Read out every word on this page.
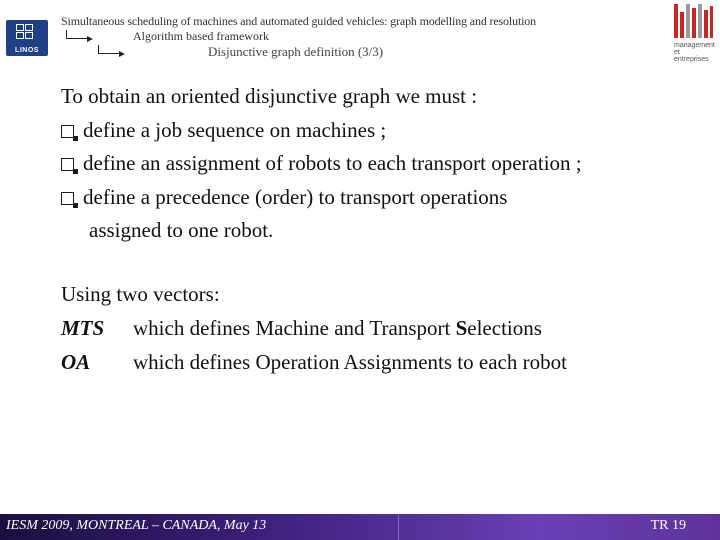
LINOS
Simultaneous scheduling of machines and automated guided vehicles: graph modelling and resolution
Algorithm based framework
Disjunctive graph definition (3/3)	management
et
entreprises
To obtain an oriented disjunctive graph we must :
define a job sequence on machines ;
define an assignment of robots to each transport operation ;
define a precedence (order) to transport operations
assigned to one robot.
Using two vectors:
MTS which defines Machine and Transport Selections
OA which defines Operation Assignments to each robot
IESM 2009, MONTREAL – CANADA, May 13	TR 19
